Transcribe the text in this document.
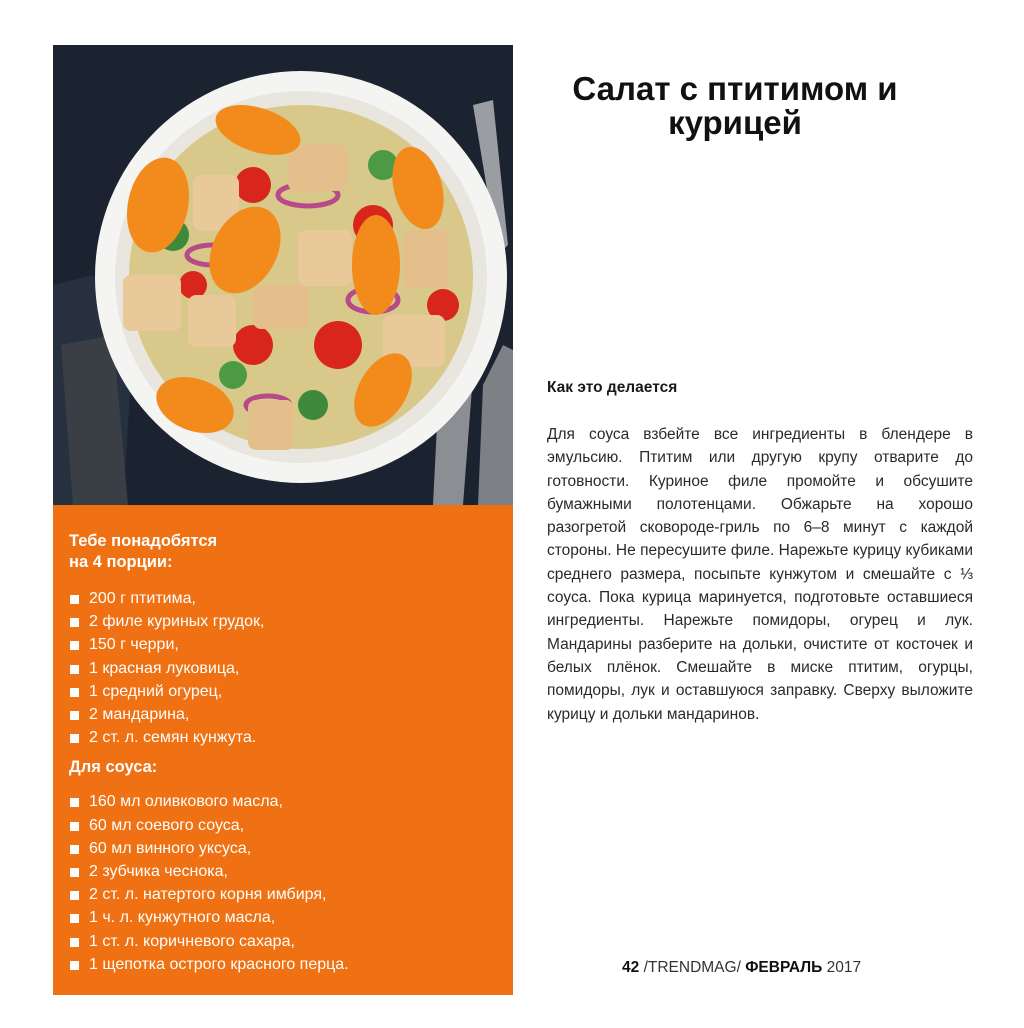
Тебе понадобятся
на 4 порции:
200 г птитима,
2 филе куриных грудок,
150 г черри,
1 красная луковица,
1 средний огурец,
2 мандарина,
2 ст. л. семян кунжута.
Для соуса:
160 мл оливкового масла,
60 мл соевого соуса,
60 мл винного уксуса,
2 зубчика чеснока,
2 ст. л. натертого корня имбиря,
1 ч. л. кунжутного масла,
1 ст. л. коричневого сахара,
1 щепотка острого красного перца.
Салат с птитимом и курицей
Как это делается

Для соуса взбейте все ингредиенты в блендере в эмульсию. Птитим или другую крупу отварите до готовности. Куриное филе промойте и обсушите бумажными полотенцами. Обжарьте на хорошо разогретой сковороде-гриль по 6–8 минут с каждой стороны. Не пересушите филе. Нарежьте курицу кубиками среднего размера, посыпьте кунжутом и смешайте с ⅓ соуса. Пока курица маринуется, подготовьте оставшиеся ингредиенты. Нарежьте помидоры, огурец и лук. Мандарины разберите на дольки, очистите от косточек и белых плёнок. Смешайте в миске птитим, огурцы, помидоры, лук и оставшуюся заправку. Сверху выложите курицу и дольки мандаринов.

42 /TRENDMAG/ ФЕВРАЛЬ 2017
